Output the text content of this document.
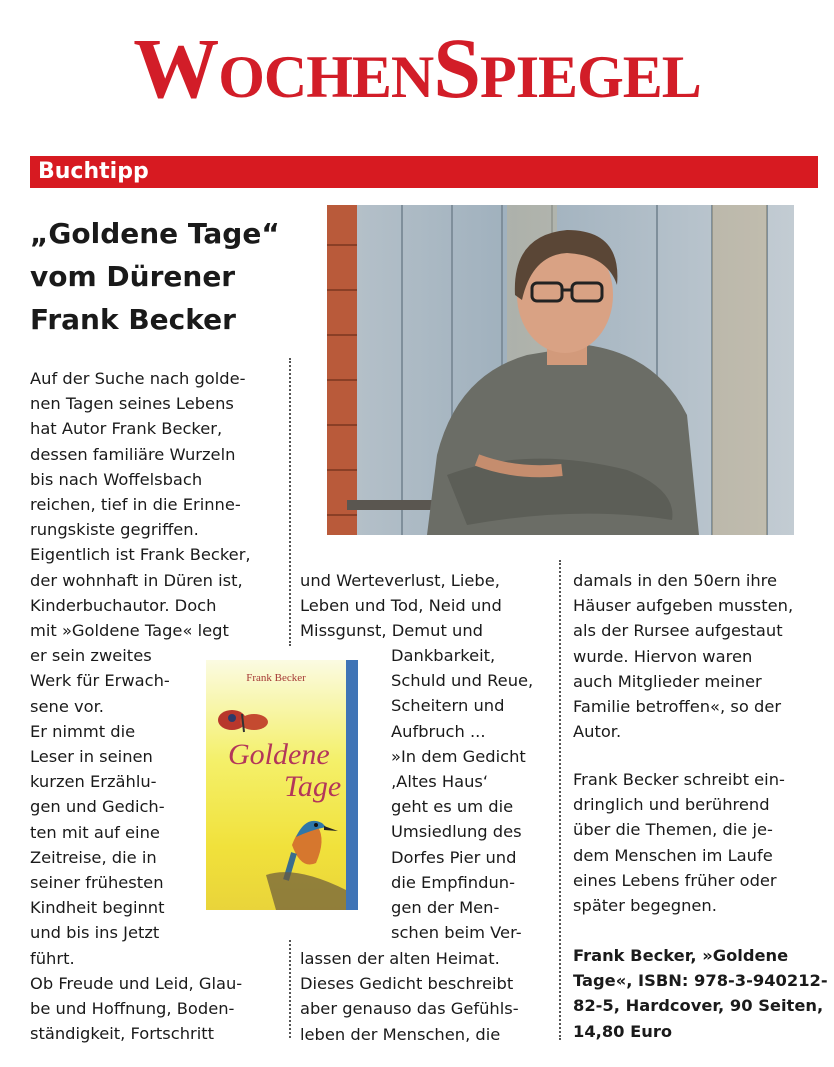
WochenSpiegel
Buchtipp
„Goldene Tage“
vom Dürener
Frank Becker
Auf der Suche nach golde-
nen Tagen seines Lebens
hat Autor Frank Becker,
dessen familiäre Wurzeln
bis nach Woffelsbach
reichen, tief in die Erinne-
rungskiste gegriffen.
Eigentlich ist Frank Becker,
der wohnhaft in Düren ist,
Kinderbuchautor. Doch
mit »Goldene Tage« legt
er sein zweites
Werk für Erwach-
sene vor.
Er nimmt die
Leser in seinen
kurzen Erzählu-
gen und Gedich-
ten mit auf eine
Zeitreise, die in
seiner frühesten
Kindheit beginnt
und bis ins Jetzt
führt.
Ob Freude und Leid, Glau-
be und Hoffnung, Boden-
ständigkeit, Fortschritt
und Werteverlust, Liebe,
Leben und Tod, Neid und
Missgunst, Demut und
Dankbarkeit,
Schuld und Reue,
Scheitern und
Aufbruch ...
»In dem Gedicht
‚Altes Haus‘
geht es um die
Umsiedlung des
Dorfes Pier und
die Empfindun-
gen der Men-
schen beim Ver-
lassen der alten Heimat.
Dieses Gedicht beschreibt
aber genauso das Gefühls-
leben der Menschen, die
Frank Becker
Goldene
Tage
damals in den 50ern ihre
Häuser aufgeben mussten,
als der Rursee aufgestaut
wurde. Hiervon waren
auch Mitglieder meiner
Familie betroffen«, so der
Autor.
Frank Becker schreibt ein-
dringlich und berührend
über die Themen, die je-
dem Menschen im Laufe
eines Lebens früher oder
später begegnen.
Frank Becker, »Goldene
Tage«, ISBN: 978-3-940212-
82-5, Hardcover, 90 Seiten,
14,80 Euro
